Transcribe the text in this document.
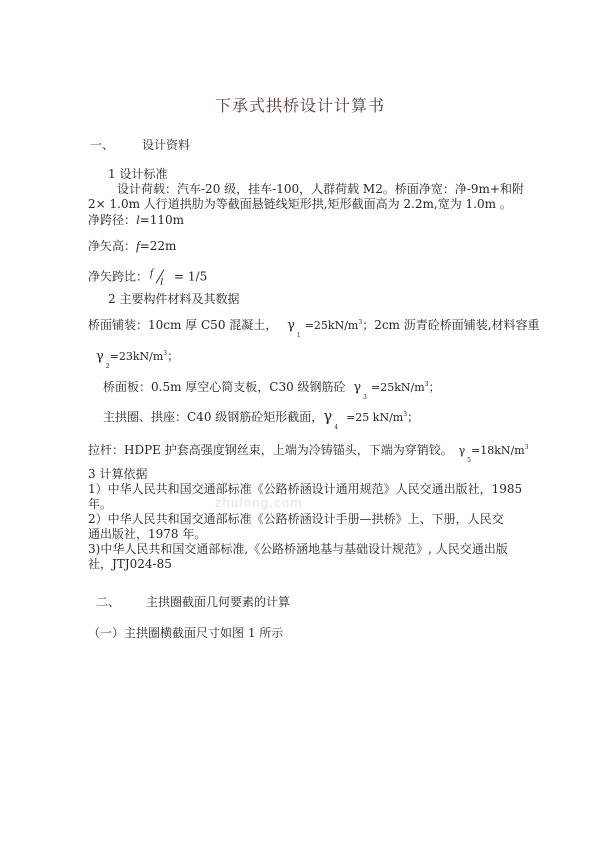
下承式拱桥设计计算书
一、 设计资料
1 设计标准
设计荷载：汽车-20 级，挂车-100，人群荷载 M2。桥面净宽：净-9m+和附
2× 1.0m 人行道拱肋为等截面悬链线矩形拱,矩形截面高为 2.2m,宽为 1.0m 。
净跨径：l=110m
净矢高：f=22m
净矢跨比： f
l = 1/5
2 主要构件材料及其数据
桥面铺装：10cm 厚 C50 混凝土， $\gamma_1=25kN/m^3$；2cm 沥青砼桥面铺装,材料容重
$\gamma_2=23kN/m^3$；
桥面板：0.5m 厚空心简支板，C30 级钢筋砼 $\gamma_3=25kN/m^3$；
主拱圈、拱座：C40 级钢筋砼矩形截面，$\gamma_4=25$ $kN/m^3$；
拉杆：HDPE 护套高强度钢丝束，上端为冷铸锚头，下端为穿销铰。 $\gamma_5=18kN/m^3$
3 计算依据
1）中华人民共和国交通部标准《公路桥涵设计通用规范》人民交通出版社，1985
年。	zhulong.com
2）中华人民共和国交通部标准《公路桥涵设计手册—拱桥》上、下册，人民交
通出版社，1978 年。
3)中华人民共和国交通部标准,《公路桥涵地基与基础设计规范》, 人民交通出版
社，JTJ024-85
二、 主拱圈截面几何要素的计算
（一）主拱圈横截面尺寸如图 1 所示
